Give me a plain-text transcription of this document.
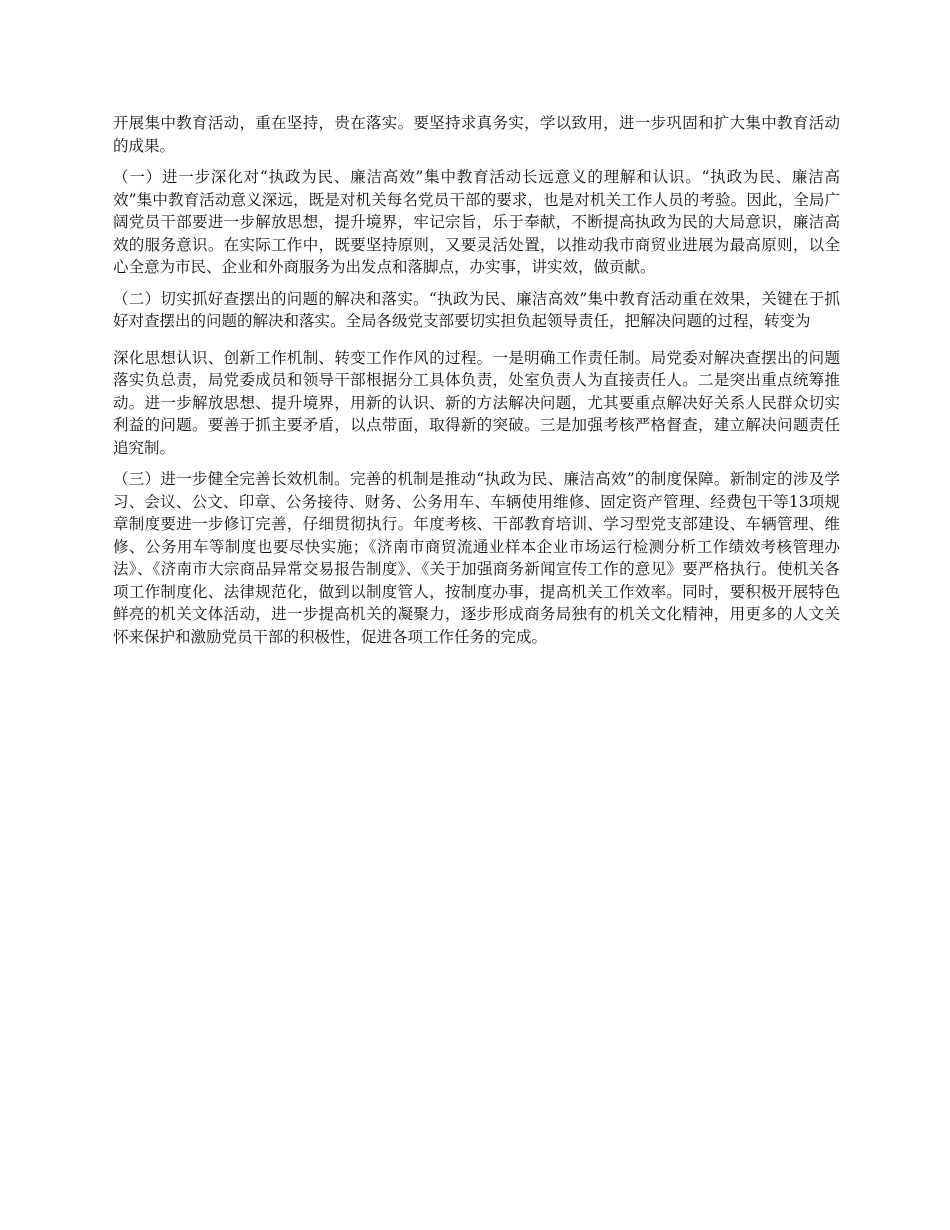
开展集中教育活动，重在坚持，贵在落实。要坚持求真务实，学以致用，进一步巩固和扩大集中教育活动的成果。

（一）进一步深化对“执政为民、廉洁高效”集中教育活动长远意义的理解和认识。“执政为民、廉洁高效”集中教育活动意义深远，既是对机关每名党员干部的要求，也是对机关工作人员的考验。因此，全局广阔党员干部要进一步解放思想，提升境界，牢记宗旨，乐于奉献，不断提高执政为民的大局意识，廉洁高效的服务意识。在实际工作中，既要坚持原则，又要灵活处置，以推动我市商贸业进展为最高原则，以全心全意为市民、企业和外商服务为出发点和落脚点，办实事，讲实效，做贡献。

（二）切实抓好查摆出的问题的解决和落实。“执政为民、廉洁高效”集中教育活动重在效果，关键在于抓好对查摆出的问题的解决和落实。全局各级党支部要切实担负起领导责任，把解决问题的过程，转变为

深化思想认识、创新工作机制、转变工作作风的过程。一是明确工作责任制。局党委对解决查摆出的问题落实负总责，局党委成员和领导干部根据分工具体负责，处室负责人为直接责任人。二是突出重点统筹推动。进一步解放思想、提升境界，用新的认识、新的方法解决问题，尤其要重点解决好关系人民群众切实利益的问题。要善于抓主要矛盾，以点带面，取得新的突破。三是加强考核严格督查，建立解决问题责任追究制。

（三）进一步健全完善长效机制。完善的机制是推动“执政为民、廉洁高效”的制度保障。新制定的涉及学习、会议、公文、印章、公务接待、财务、公务用车、车辆使用维修、固定资产管理、经费包干等13项规章制度要进一步修订完善，仔细贯彻执行。年度考核、干部教育培训、学习型党支部建设、车辆管理、维修、公务用车等制度也要尽快实施；《济南市商贸流通业样本企业市场运行检测分析工作绩效考核管理办法》、《济南市大宗商品异常交易报告制度》、《关于加强商务新闻宣传工作的意见》要严格执行。使机关各项工作制度化、法律规范化，做到以制度管人，按制度办事，提高机关工作效率。同时，要积极开展特色鲜亮的机关文体活动，进一步提高机关的凝聚力，逐步形成商务局独有的机关文化精神，用更多的人文关怀来保护和激励党员干部的积极性，促进各项工作任务的完成。
